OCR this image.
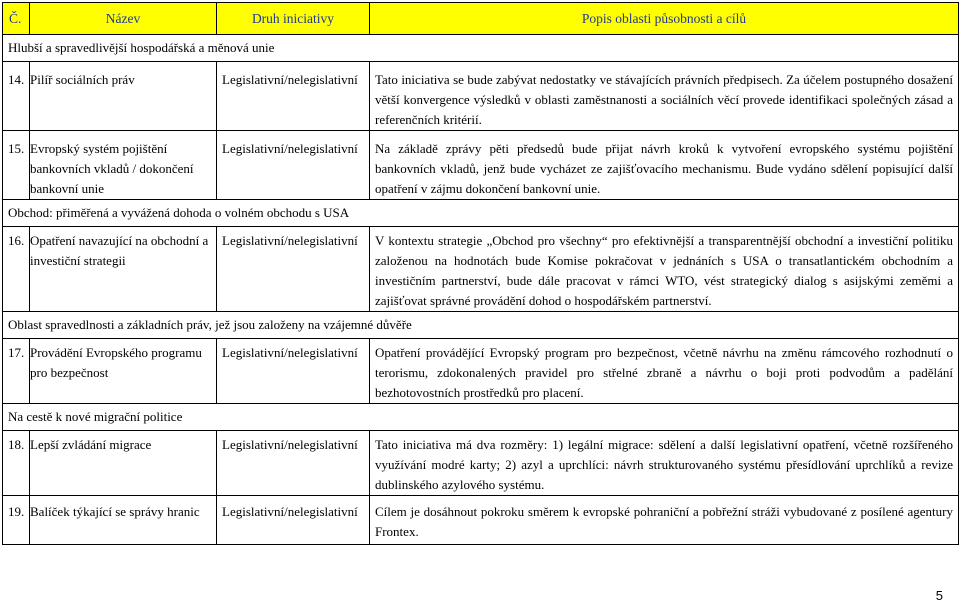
Č.	Název	Druh iniciativy	Popis oblasti působnosti a cílů
Hlubší a spravedlivější hospodářská a měnová unie			
14.	Pilíř sociálních práv	Legislativní/nelegislativní	Tato iniciativa se bude zabývat nedostatky ve stávajících právních předpisech. Za účelem postupného dosažení větší konvergence výsledků v oblasti zaměstnanosti a sociálních věcí provede identifikaci společných zásad a referenčních kritérií.
15.	Evropský systém pojištění bankovních vkladů / dokončení bankovní unie	Legislativní/nelegislativní	Na základě zprávy pěti předsedů bude přijat návrh kroků k vytvoření evropského systému pojištění bankovních vkladů, jenž bude vycházet ze zajišťovacího mechanismu. Bude vydáno sdělení popisující další opatření v zájmu dokončení bankovní unie.
Obchod: přiměřená a vyvážená dohoda o volném obchodu s USA			
16.	Opatření navazující na obchodní a investiční strategii	Legislativní/nelegislativní	V kontextu strategie „Obchod pro všechny“ pro efektivnější a transparentnější obchodní a investiční politiku založenou na hodnotách bude Komise pokračovat v jednáních s USA o transatlantickém obchodním a investičním partnerství, bude dále pracovat v rámci WTO, vést strategický dialog s asijskými zeměmi a zajišťovat správné provádění dohod o hospodářském partnerství.
Oblast spravedlnosti a základních práv, jež jsou založeny na vzájemné důvěře			
17.	Provádění Evropského programu pro bezpečnost	Legislativní/nelegislativní	Opatření provádějící Evropský program pro bezpečnost, včetně návrhu na změnu rámcového rozhodnutí o terorismu, zdokonalených pravidel pro střelné zbraně a návrhu o boji proti podvodům a padělání bezhotovostních prostředků pro placení.
Na cestě k nové migrační politice			
18.	Lepší zvládání migrace	Legislativní/nelegislativní	Tato iniciativa má dva rozměry: 1) legální migrace: sdělení a další legislativní opatření, včetně rozšířeného využívání modré karty; 2) azyl a uprchlíci: návrh strukturovaného systému přesídlování uprchlíků a revize dublinského azylového systému.
19.	Balíček týkající se správy hranic	Legislativní/nelegislativní	Cílem je dosáhnout pokroku směrem k evropské pohraniční a pobřežní stráži vybudované z posílené agentury Frontex.
5
